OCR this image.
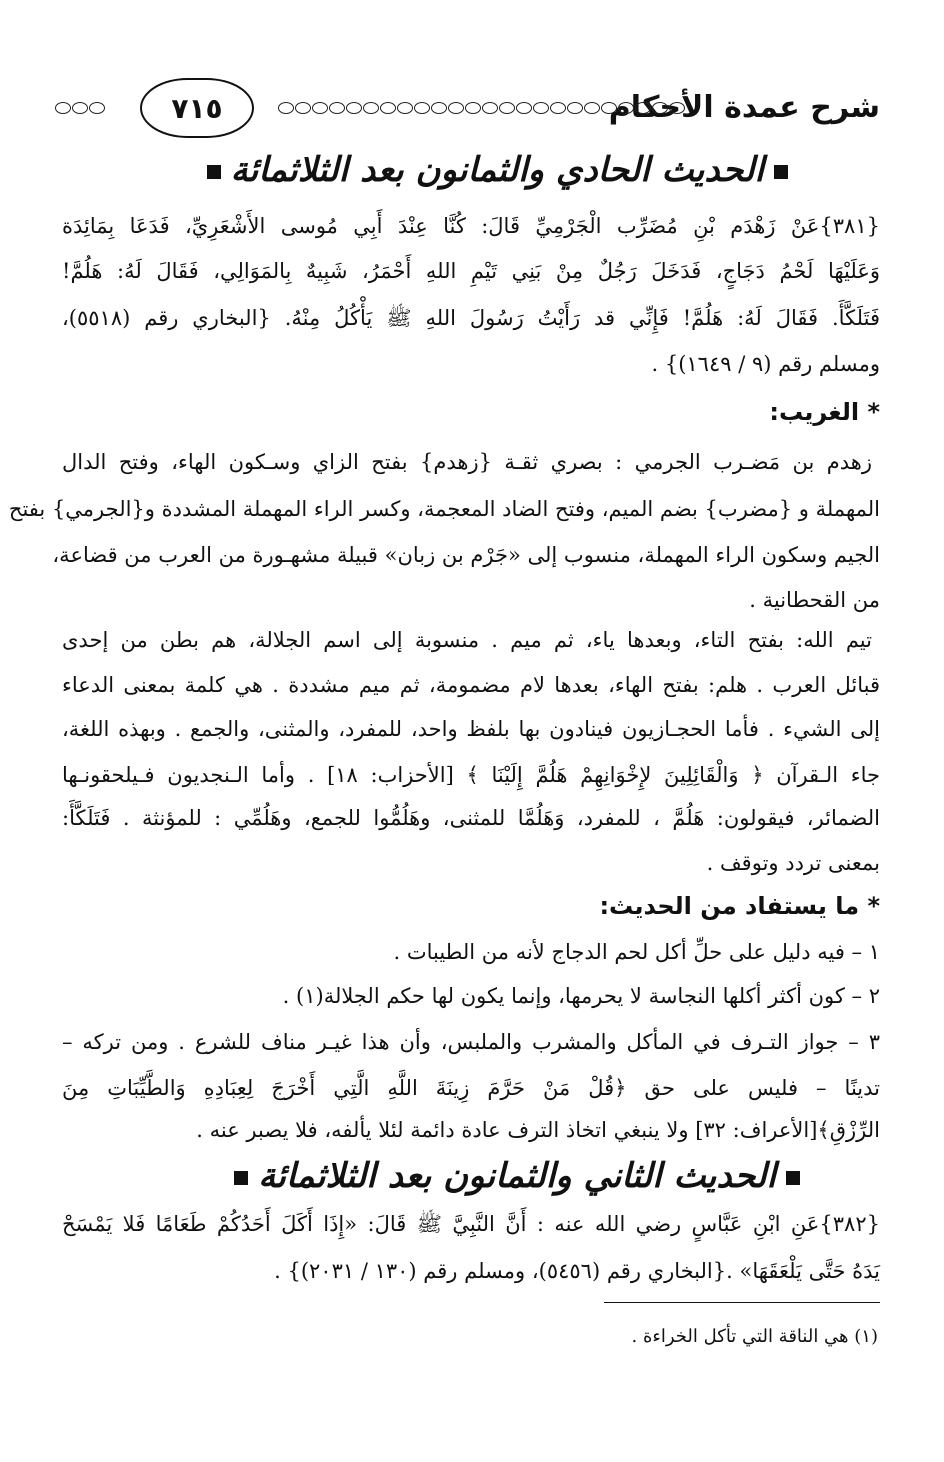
شرح عمدة الأحكام
٧١٥
الحديث الحادي والثمانون بعد الثلاثمائة
{٣٨١}عَنْ زَهْدَم بْنِ مُضَرِّب الْجَرْمِيِّ قَالَ: كُنَّا عِنْدَ أَبِي مُوسى الأَشْعَرِيِّ، فَدَعَا بِمَائِدَة
وَعَلَيْهَا لَحْمُ دَجَاجٍ، فَدَخَلَ رَجُلٌ مِنْ بَنِي تَيْمِ اللهِ أَحْمَرُ، شَبِيهٌ بِالمَوَالِي، فَقَالَ لَهُ: هَلُمَّ!
فَتَلَكَّأَ. فَقَالَ لَهُ: هَلُمَّ! فَإِنِّي قد رَأَيْتُ رَسُولَ اللهِ ﷺ يَأْكُلُ مِنْهُ. {البخاري رقم (٥٥١٨)،
ومسلم رقم (٩ / ١٦٤٩)} .
* الغريب:
زهدم بن مَضـرب الجرمي : بصري ثقـة {زهدم} بفتح الزاي وسـكون الهاء، وفتح الدال
المهملة و {مضرب} بضم الميم، وفتح الضاد المعجمة، وكسر الراء المهملة المشددة و{الجرمي} بفتح
الجيم وسكون الراء المهملة، منسوب إلى «جَرْم بن زبان» قبيلة مشهـورة من العرب من قضاعة،
من القحطانية .
تيم الله: بفتح التاء، وبعدها ياء، ثم ميم . منسوبة إلى اسم الجلالة، هم بطن من إحدى
قبائل العرب . هلم: بفتح الهاء، بعدها لام مضمومة، ثم ميم مشددة . هي كلمة بمعنى الدعاء
إلى الشيء . فأما الحجـازيون فينادون بها بلفظ واحد، للمفرد، والمثنى، والجمع . وبهذه اللغة،
جاء الـقرآن ﴿ وَالْقَائِلِينَ لإِخْوَانِهِمْ هَلُمَّ إِلَيْنَا ﴾ [الأحزاب: ١٨] . وأما الـنجديون فـيلحقونـها
الضمائر، فيقولون: هَلُمَّ ، للمفرد، وَهَلُمَّا للمثنى، وهَلُمُّوا للجمع، وهَلُمِّي : للمؤنثة . فَتَلَكَّأَ:
بمعنى تردد وتوقف .
* ما يستفاد من الحديث:
١ – فيه دليل على حلِّ أكل لحم الدجاج لأنه من الطيبات .
٢ – كون أكثر أكلها النجاسة لا يحرمها، وإنما يكون لها حكم الجلالة(١) .
٣ – جواز التـرف في المأكل والمشرب والملبس، وأن هذا غيـر مناف للشرع . ومن تركه –
تدينًا – فليس على حق ﴿قُلْ مَنْ حَرَّمَ زِينَةَ اللَّهِ الَّتِي أَخْرَجَ لِعِبَادِهِ وَالطَّيِّبَاتِ مِنَ
الرِّزْقِ﴾[الأعراف: ٣٢] ولا ينبغي اتخاذ الترف عادة دائمة لئلا يألفه، فلا يصبر عنه .
الحديث الثاني والثمانون بعد الثلاثمائة
{٣٨٢}عَنِ ابْنِ عَبَّاسٍ رضي الله عنه : أَنَّ النَّبِيَّ ﷺ قَالَ: «إِذَا أَكَلَ أَحَدُكُمْ طَعَامًا فَلا يَمْسَحْ
يَدَهُ حَتَّى يَلْعَقَهَا» .{البخاري رقم (٥٤٥٦)، ومسلم رقم (١٣٠ / ٢٠٣١)} .
(١) هي الناقة التي تأكل الخراءة .
